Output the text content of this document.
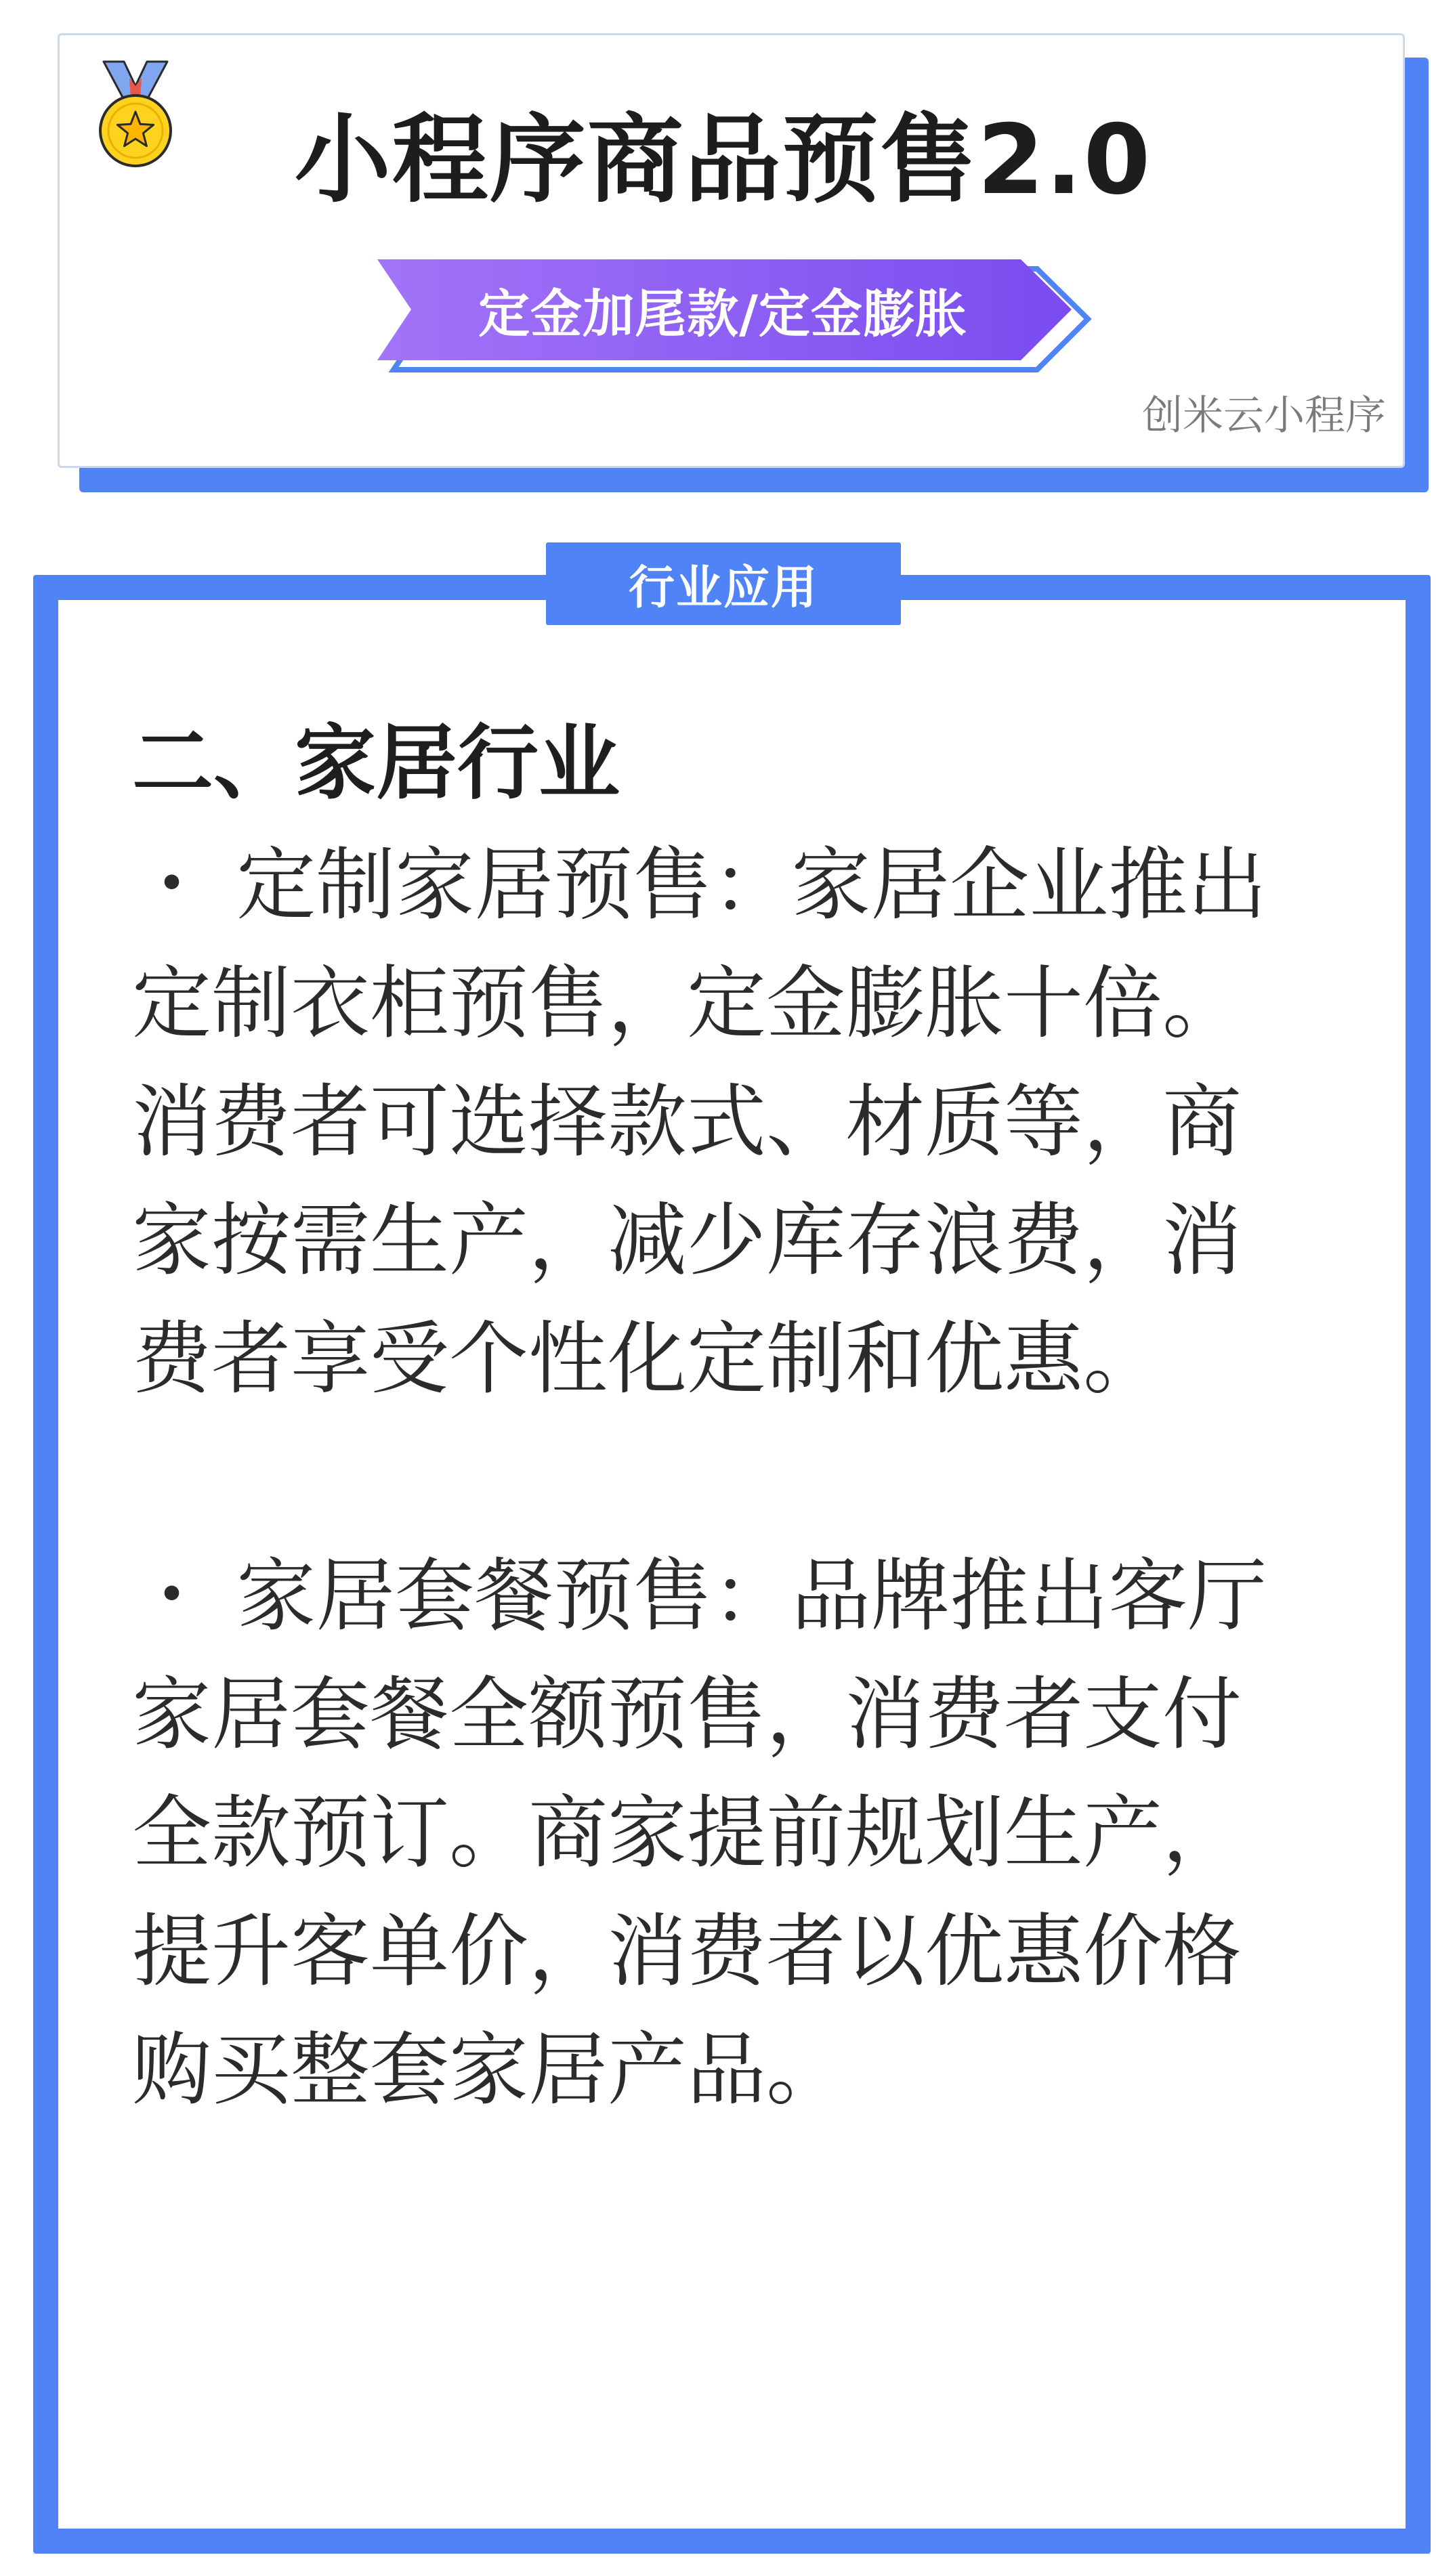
小程序商品预售2.0
定金加尾款/定金膨胀
创米云小程序
行业应用
二、家居行业
・ 定制家居预售：家居企业推出
定制衣柜预售，定金膨胀十倍。
消费者可选择款式、材质等，商
家按需生产，减少库存浪费，消
费者享受个性化定制和优惠。
・ 家居套餐预售：品牌推出客厅
家居套餐全额预售，消费者支付
全款预订。商家提前规划生产，
提升客单价，消费者以优惠价格
购买整套家居产品。
